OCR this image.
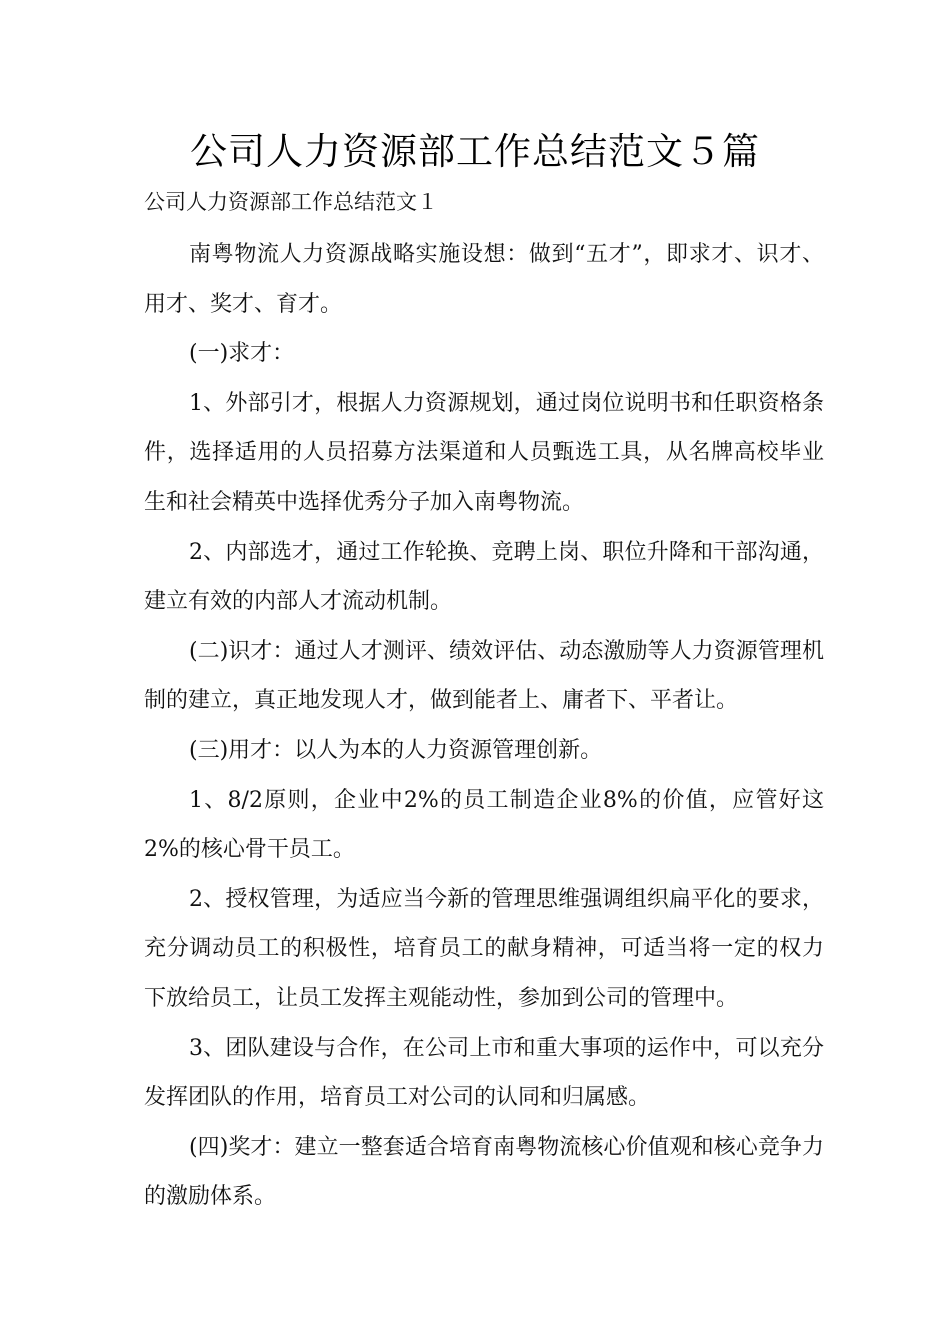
公司人力资源部工作总结范文５篇

公司人力资源部工作总结范文１

南粤物流人力资源战略实施设想：做到“五才”，即求才、识才、用才、奖才、育才。

(一)求才：

1、外部引才，根据人力资源规划，通过岗位说明书和任职资格条件，选择适用的人员招募方法渠道和人员甄选工具，从名牌高校毕业生和社会精英中选择优秀分子加入南粤物流。

2、内部选才，通过工作轮换、竞聘上岗、职位升降和干部沟通，建立有效的内部人才流动机制。

(二)识才：通过人才测评、绩效评估、动态激励等人力资源管理机制的建立，真正地发现人才，做到能者上、庸者下、平者让。

(三)用才：以人为本的人力资源管理创新。

1、8/2原则，企业中2%的员工制造企业8%的价值，应管好这2%的核心骨干员工。

2、授权管理，为适应当今新的管理思维强调组织扁平化的要求，充分调动员工的积极性，培育员工的献身精神，可适当将一定的权力下放给员工，让员工发挥主观能动性，参加到公司的管理中。

3、团队建设与合作，在公司上市和重大事项的运作中，可以充分发挥团队的作用，培育员工对公司的认同和归属感。

(四)奖才：建立一整套适合培育南粤物流核心价值观和核心竞争力的激励体系。
